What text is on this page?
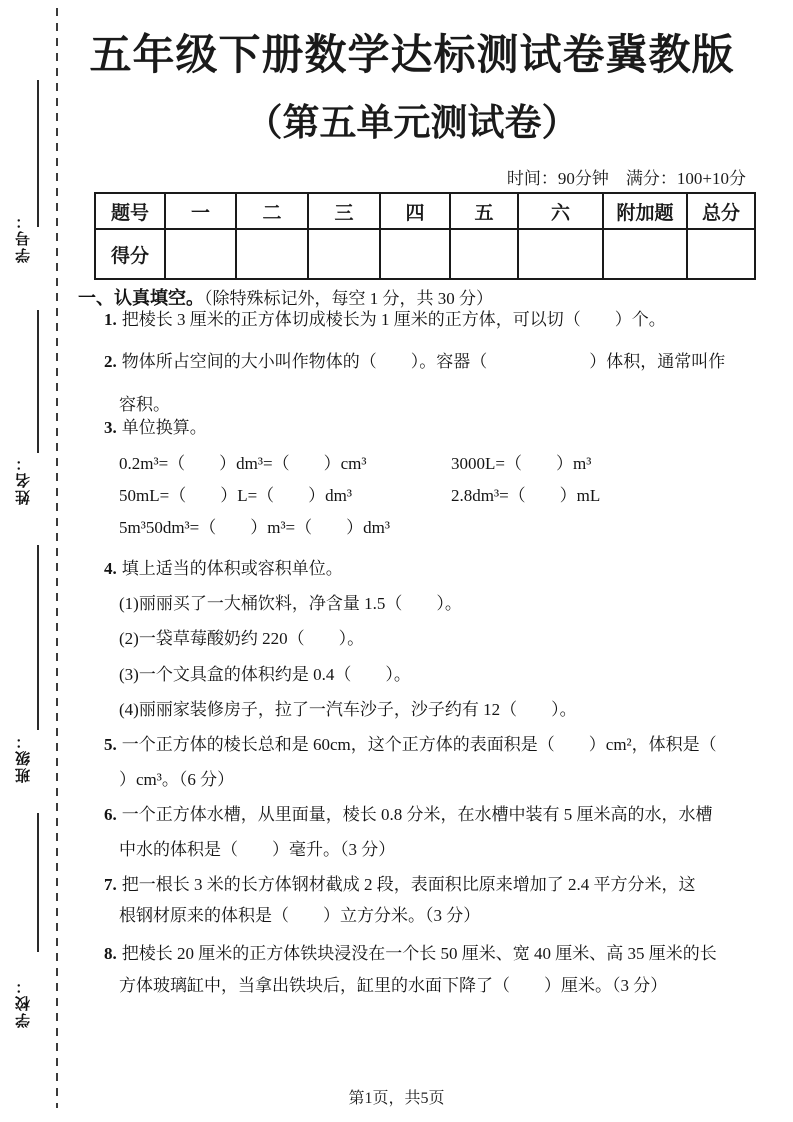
学号：
姓名：
班级：
学校：
五年级下册数学达标测试卷冀教版
（第五单元测试卷）
时间：90分钟　满分：100+10分
题号	一	二	三	四	五	六	附加题	总分
得分								
一、认真填空。（除特殊标记外，每空 1 分，共 30 分）
1. 把棱长 3 厘米的正方体切成棱长为 1 厘米的正方体，可以切（　　）个。
2. 物体所占空间的大小叫作物体的（　　）。容器（　　　　　　）体积，通常叫作
容积。
3. 单位换算。
0.2m³=（　　）dm³=（　　）cm³	3000L=（　　）m³
50mL=（　　）L=（　　）dm³	2.8dm³=（　　）mL
5m³50dm³=（　　）m³=（　　）dm³
4. 填上适当的体积或容积单位。
(1)丽丽买了一大桶饮料，净含量 1.5（　　）。
(2)一袋草莓酸奶约 220（　　）。
(3)一个文具盒的体积约是 0.4（　　）。
(4)丽丽家装修房子，拉了一汽车沙子，沙子约有 12（　　）。
5. 一个正方体的棱长总和是 60cm，这个正方体的表面积是（　　）cm²，体积是（
）cm³。（6 分）
6. 一个正方体水槽，从里面量，棱长 0.8 分米，在水槽中装有 5 厘米高的水，水槽
中水的体积是（　　）毫升。（3 分）
7. 把一根长 3 米的长方体钢材截成 2 段，表面积比原来增加了 2.4 平方分米，这
根钢材原来的体积是（　　）立方分米。（3 分）
8. 把棱长 20 厘米的正方体铁块浸没在一个长 50 厘米、宽 40 厘米、高 35 厘米的长
方体玻璃缸中，当拿出铁块后，缸里的水面下降了（　　）厘米。（3 分）
第1页，共5页
